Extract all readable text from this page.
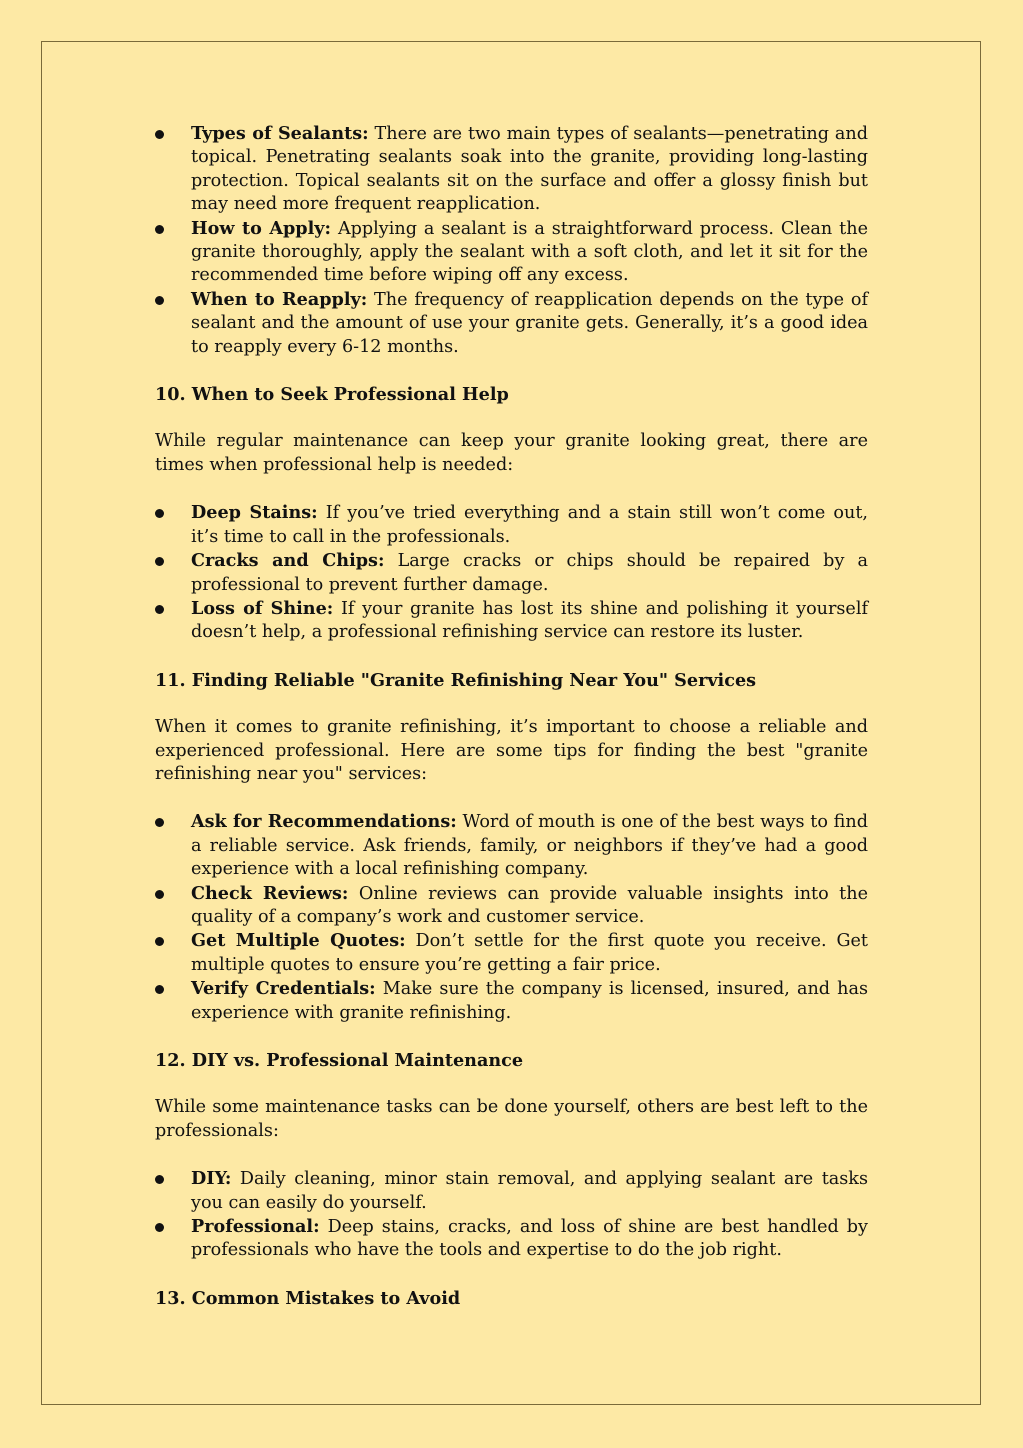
Types of Sealants: There are two main types of sealants—penetrating and topical. Penetrating sealants soak into the granite, providing long-lasting protection. Topical sealants sit on the surface and offer a glossy finish but may need more frequent reapplication.
How to Apply: Applying a sealant is a straightforward process. Clean the granite thoroughly, apply the sealant with a soft cloth, and let it sit for the recommended time before wiping off any excess.
When to Reapply: The frequency of reapplication depends on the type of sealant and the amount of use your granite gets. Generally, it’s a good idea to reapply every 6-12 months.
10. When to Seek Professional Help

While regular maintenance can keep your granite looking great, there are times when professional help is needed:

Deep Stains: If you’ve tried everything and a stain still won’t come out, it’s time to call in the professionals.
Cracks and Chips: Large cracks or chips should be repaired by a professional to prevent further damage.
Loss of Shine: If your granite has lost its shine and polishing it yourself doesn’t help, a professional refinishing service can restore its luster.
11. Finding Reliable "Granite Refinishing Near You" Services

When it comes to granite refinishing, it’s important to choose a reliable and experienced professional. Here are some tips for finding the best "granite refinishing near you" services:

Ask for Recommendations: Word of mouth is one of the best ways to find a reliable service. Ask friends, family, or neighbors if they’ve had a good experience with a local refinishing company.
Check Reviews: Online reviews can provide valuable insights into the quality of a company’s work and customer service.
Get Multiple Quotes: Don’t settle for the first quote you receive. Get multiple quotes to ensure you’re getting a fair price.
Verify Credentials: Make sure the company is licensed, insured, and has experience with granite refinishing.
12. DIY vs. Professional Maintenance

While some maintenance tasks can be done yourself, others are best left to the professionals:

DIY: Daily cleaning, minor stain removal, and applying sealant are tasks you can easily do yourself.
Professional: Deep stains, cracks, and loss of shine are best handled by professionals who have the tools and expertise to do the job right.
13. Common Mistakes to Avoid
